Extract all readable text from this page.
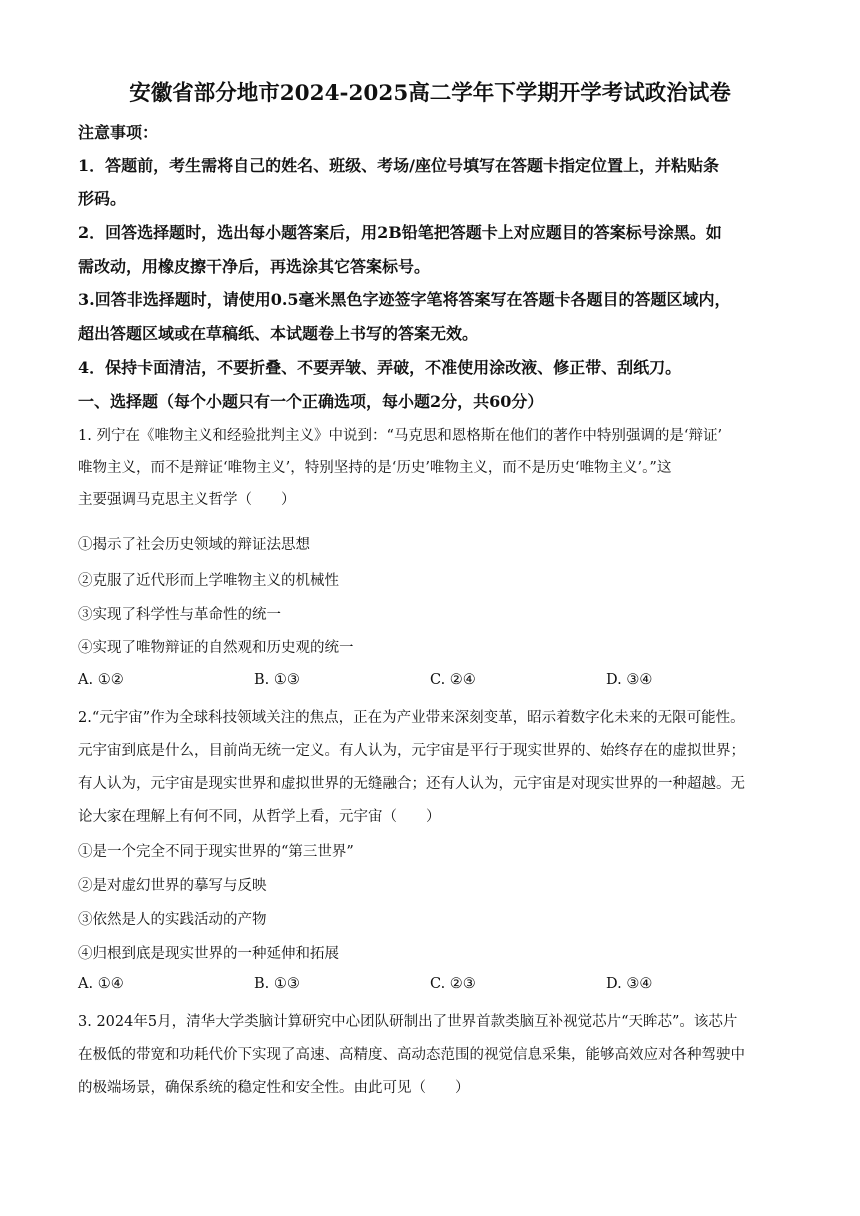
安徽省部分地市2024-2025高二学年下学期开学考试政治试卷
注意事项：
1．答题前，考生需将自己的姓名、班级、考场/座位号填写在答题卡指定位置上，并粘贴条
形码。
2．回答选择题时，选出每小题答案后，用2B铅笔把答题卡上对应题目的答案标号涂黑。如
需改动，用橡皮擦干净后，再选涂其它答案标号。
3.回答非选择题时，请使用0.5毫米黑色字迹签字笔将答案写在答题卡各题目的答题区域内，
超出答题区域或在草稿纸、本试题卷上书写的答案无效。
4．保持卡面清洁，不要折叠、不要弄皱、弄破，不准使用涂改液、修正带、刮纸刀。
一、选择题（每个小题只有一个正确选项，每小题2分，共60分）
1. 列宁在《唯物主义和经验批判主义》中说到：“马克思和恩格斯在他们的著作中特别强调的是‘辩证’
唯物主义，而不是辩证‘唯物主义’，特别坚持的是‘历史’唯物主义，而不是历史‘唯物主义’。”这
主要强调马克思主义哲学（　　）
①揭示了社会历史领域的辩证法思想
②克服了近代形而上学唯物主义的机械性
③实现了科学性与革命性的统一
④实现了唯物辩证的自然观和历史观的统一
A. ①②	B. ①③	C. ②④	D. ③④
2.“元宇宙”作为全球科技领域关注的焦点，正在为产业带来深刻变革，昭示着数字化未来的无限可能性。
元宇宙到底是什么，目前尚无统一定义。有人认为，元宇宙是平行于现实世界的、始终存在的虚拟世界；
有人认为，元宇宙是现实世界和虚拟世界的无缝融合；还有人认为，元宇宙是对现实世界的一种超越。无
论大家在理解上有何不同，从哲学上看，元宇宙（　　）
①是一个完全不同于现实世界的“第三世界”
②是对虚幻世界的摹写与反映
③依然是人的实践活动的产物
④归根到底是现实世界的一种延伸和拓展
A. ①④	B. ①③	C. ②③	D. ③④
3. 2024年5月，清华大学类脑计算研究中心团队研制出了世界首款类脑互补视觉芯片“天眸芯”。该芯片
在极低的带宽和功耗代价下实现了高速、高精度、高动态范围的视觉信息采集，能够高效应对各种驾驶中
的极端场景，确保系统的稳定性和安全性。由此可见（　　）
